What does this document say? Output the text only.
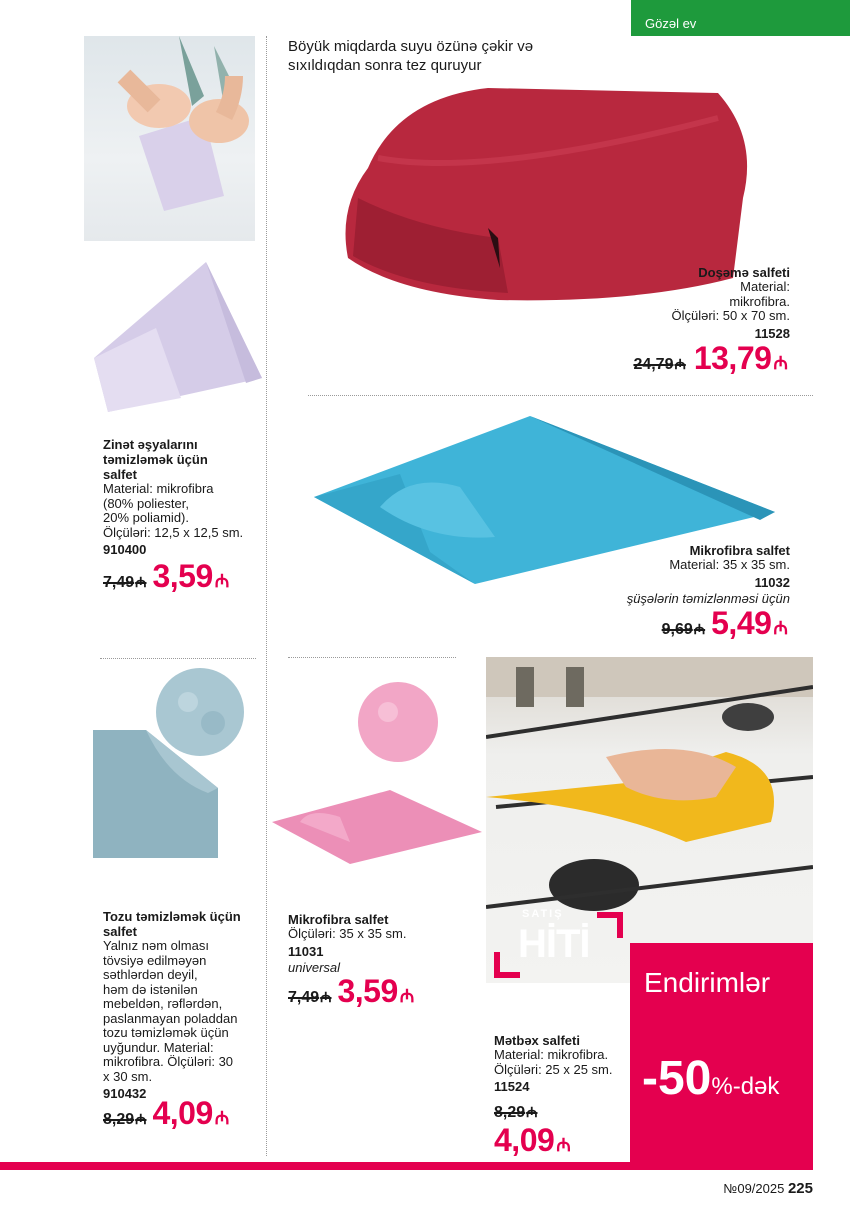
Gözəl ev
Böyük miqdarda suyu özünə çəkir və
sıxıldıqdan sonra tez quruyur
Doşəmə salfeti
Material:
mikrofibra.
Ölçüləri: 50 x 70 sm.
11528
24,79 ₼ 13,79 ₼
Zinət əşyalarını
təmizləmək üçün
salfet
Material: mikrofibra
(80% poliester,
20% poliamid).
Ölçüləri: 12,5 x 12,5 sm.
910400
7,49 ₼ 3,59 ₼
Mikrofibra salfet
Material: 35 x 35 sm.
11032
şüşələrin təmizlənməsi üçün
9,69 ₼ 5,49 ₼
SATIŞ
HİTİ
Endirimlər
-50 %-dək
Tozu təmizləmək üçün
salfet
Yalnız nəm olması
tövsiyə edilməyən
səthlərdən deyil,
həm də istənilən
mebeldən, rəflərdən,
paslanmayan poladdan
tozu təmizləmək üçün
uyğundur. Material:
mikrofibra. Ölçüləri: 30
x 30 sm.
910432
8,29 ₼ 4,09 ₼
Mikrofibra salfet
Ölçüləri: 35 x 35 sm.
11031
universal
7,49 ₼ 3,59 ₼
Mətbəx salfeti
Material: mikrofibra.
Ölçüləri: 25 x 25 sm.
11524
8,29 ₼
4,09 ₼
№09/2025 225
